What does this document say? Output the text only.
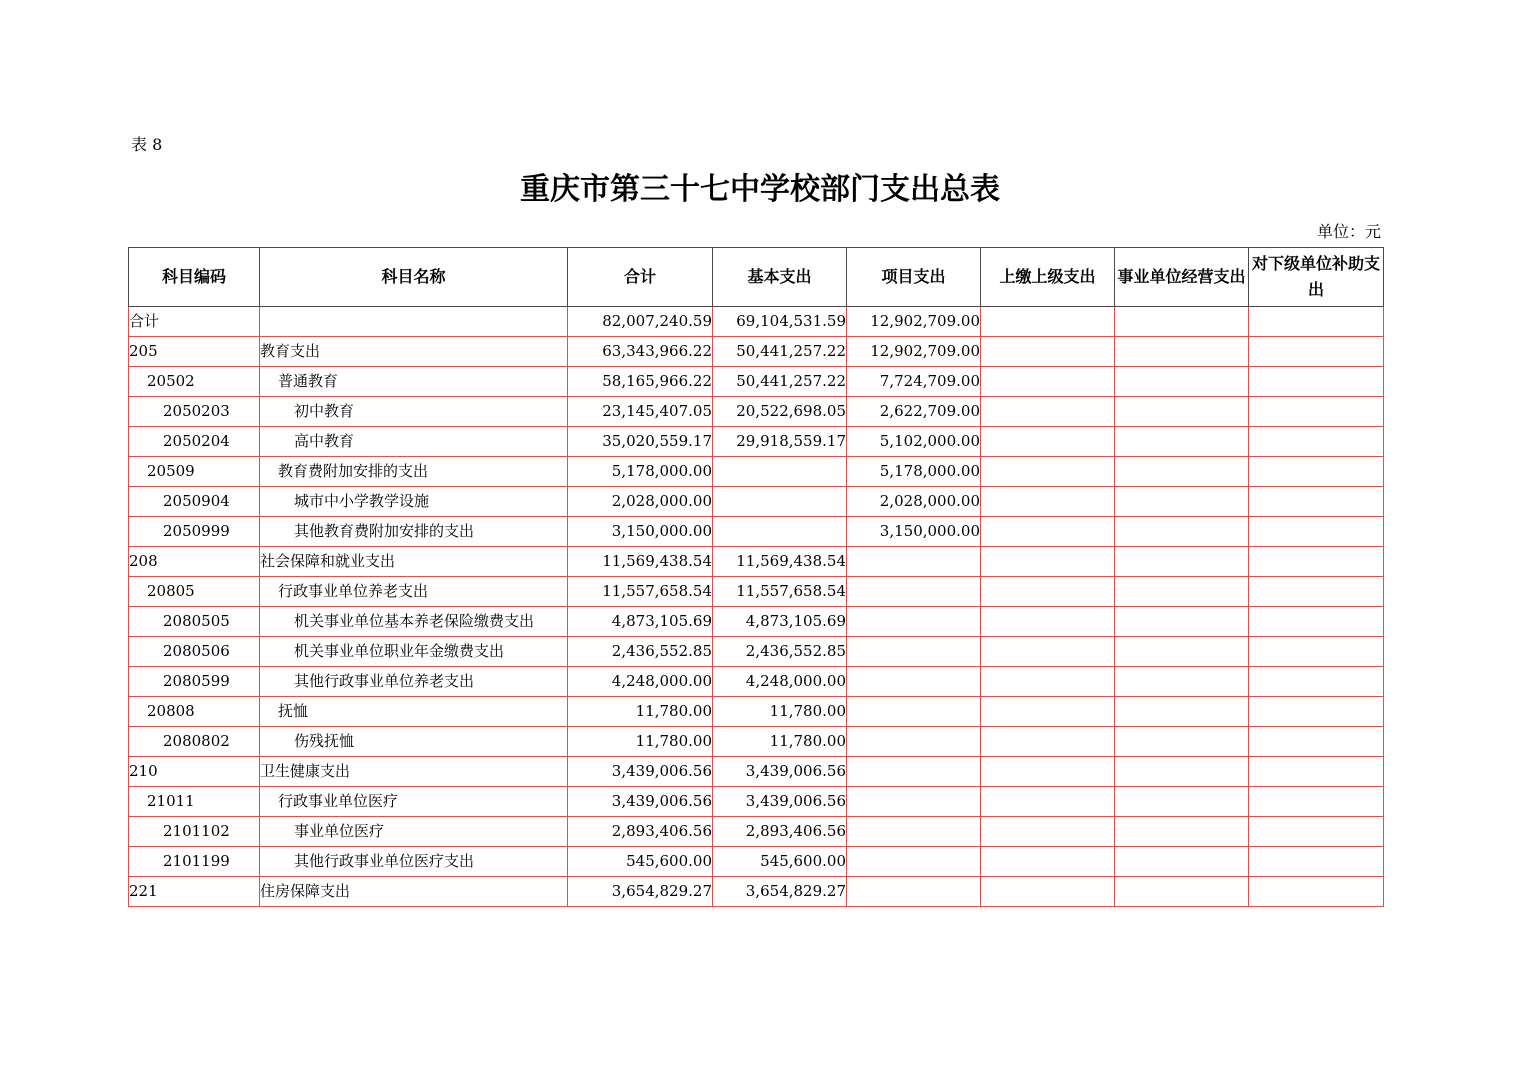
表 8
重庆市第三十七中学校部门支出总表
单位：元
科目编码	科目名称	合计	基本支出	项目支出	上缴上级支出	事业单位经营支出	对下级单位补助支出
合计		82,007,240.59	69,104,531.59	12,902,709.00			
205	教育支出	63,343,966.22	50,441,257.22	12,902,709.00			
20502	普通教育	58,165,966.22	50,441,257.22	7,724,709.00			
2050203	初中教育	23,145,407.05	20,522,698.05	2,622,709.00			
2050204	高中教育	35,020,559.17	29,918,559.17	5,102,000.00			
20509	教育费附加安排的支出	5,178,000.00		5,178,000.00			
2050904	城市中小学教学设施	2,028,000.00		2,028,000.00			
2050999	其他教育费附加安排的支出	3,150,000.00		3,150,000.00			
208	社会保障和就业支出	11,569,438.54	11,569,438.54				
20805	行政事业单位养老支出	11,557,658.54	11,557,658.54				
2080505	机关事业单位基本养老保险缴费支出	4,873,105.69	4,873,105.69				
2080506	机关事业单位职业年金缴费支出	2,436,552.85	2,436,552.85				
2080599	其他行政事业单位养老支出	4,248,000.00	4,248,000.00				
20808	抚恤	11,780.00	11,780.00				
2080802	伤残抚恤	11,780.00	11,780.00				
210	卫生健康支出	3,439,006.56	3,439,006.56				
21011	行政事业单位医疗	3,439,006.56	3,439,006.56				
2101102	事业单位医疗	2,893,406.56	2,893,406.56				
2101199	其他行政事业单位医疗支出	545,600.00	545,600.00				
221	住房保障支出	3,654,829.27	3,654,829.27				
